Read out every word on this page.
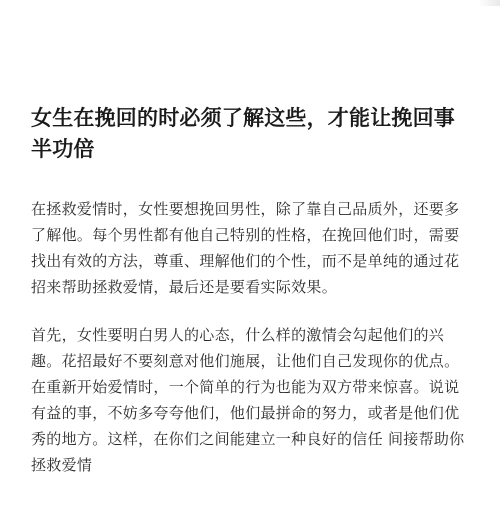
女生在挽回的时必须了解这些，才能让挽回事半功倍

在拯救爱情时，女性要想挽回男性，除了靠自己品质外，还要多了解他。每个男性都有他自己特别的性格，在挽回他们时，需要找出有效的方法，尊重、理解他们的个性，而不是单纯的通过花招来帮助拯救爱情，最后还是要看实际效果。

首先，女性要明白男人的心态，什么样的激情会勾起他们的兴趣。花招最好不要刻意对他们施展，让他们自己发现你的优点。在重新开始爱情时，一个简单的行为也能为双方带来惊喜。说说有益的事，不妨多夸夸他们，他们最拼命的努力，或者是他们优秀的地方。这样，在你们之间能建立一种良好的信任 间接帮助你拯救爱情
